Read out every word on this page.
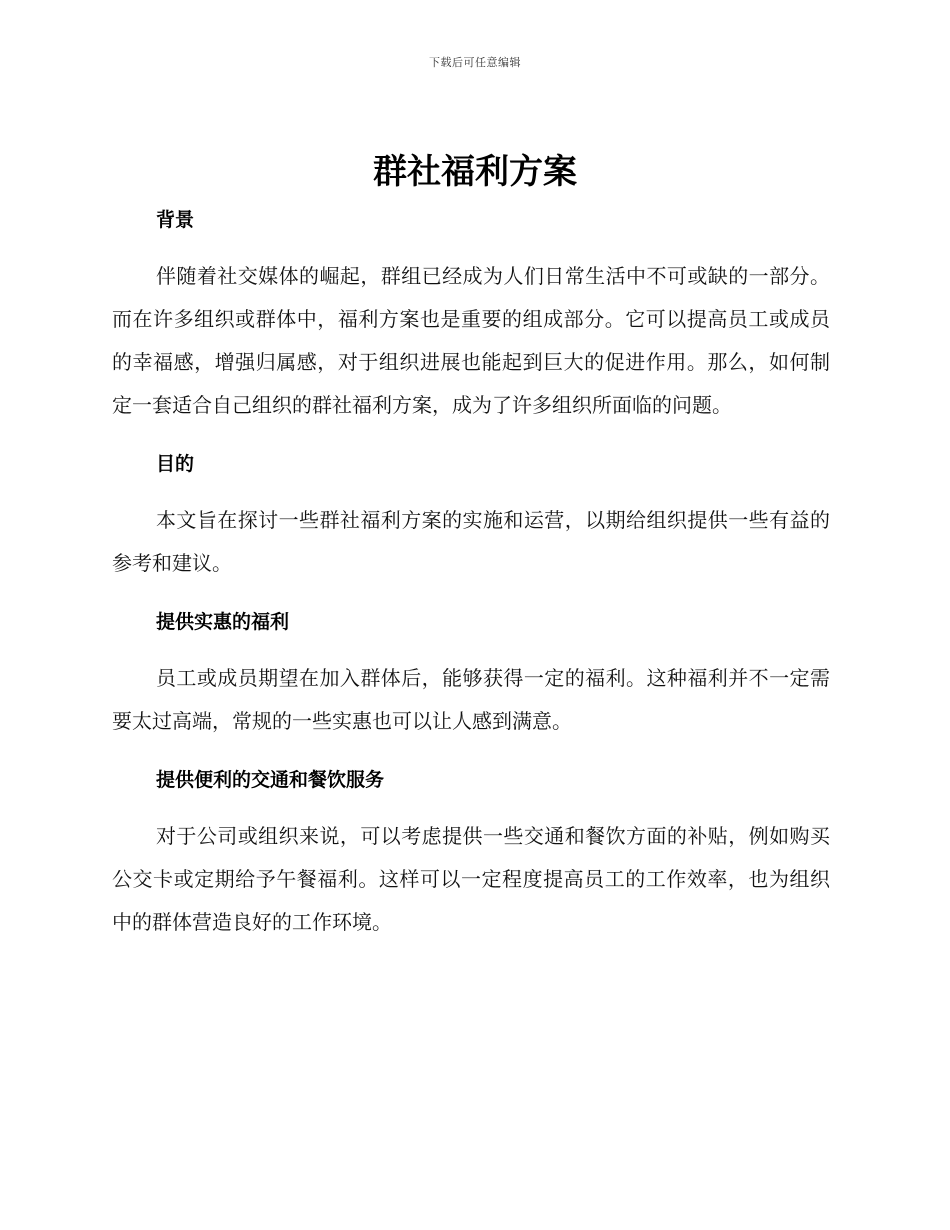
下载后可任意编辑
群社福利方案
背景

伴随着社交媒体的崛起，群组已经成为人们日常生活中不可或缺的一部分。而在许多组织或群体中，福利方案也是重要的组成部分。它可以提高员工或成员的幸福感，增强归属感，对于组织进展也能起到巨大的促进作用。那么，如何制定一套适合自己组织的群社福利方案，成为了许多组织所面临的问题。

目的

本文旨在探讨一些群社福利方案的实施和运营，以期给组织提供一些有益的参考和建议。

提供实惠的福利

员工或成员期望在加入群体后，能够获得一定的福利。这种福利并不一定需要太过高端，常规的一些实惠也可以让人感到满意。

提供便利的交通和餐饮服务

对于公司或组织来说，可以考虑提供一些交通和餐饮方面的补贴，例如购买公交卡或定期给予午餐福利。这样可以一定程度提高员工的工作效率，也为组织中的群体营造良好的工作环境。
